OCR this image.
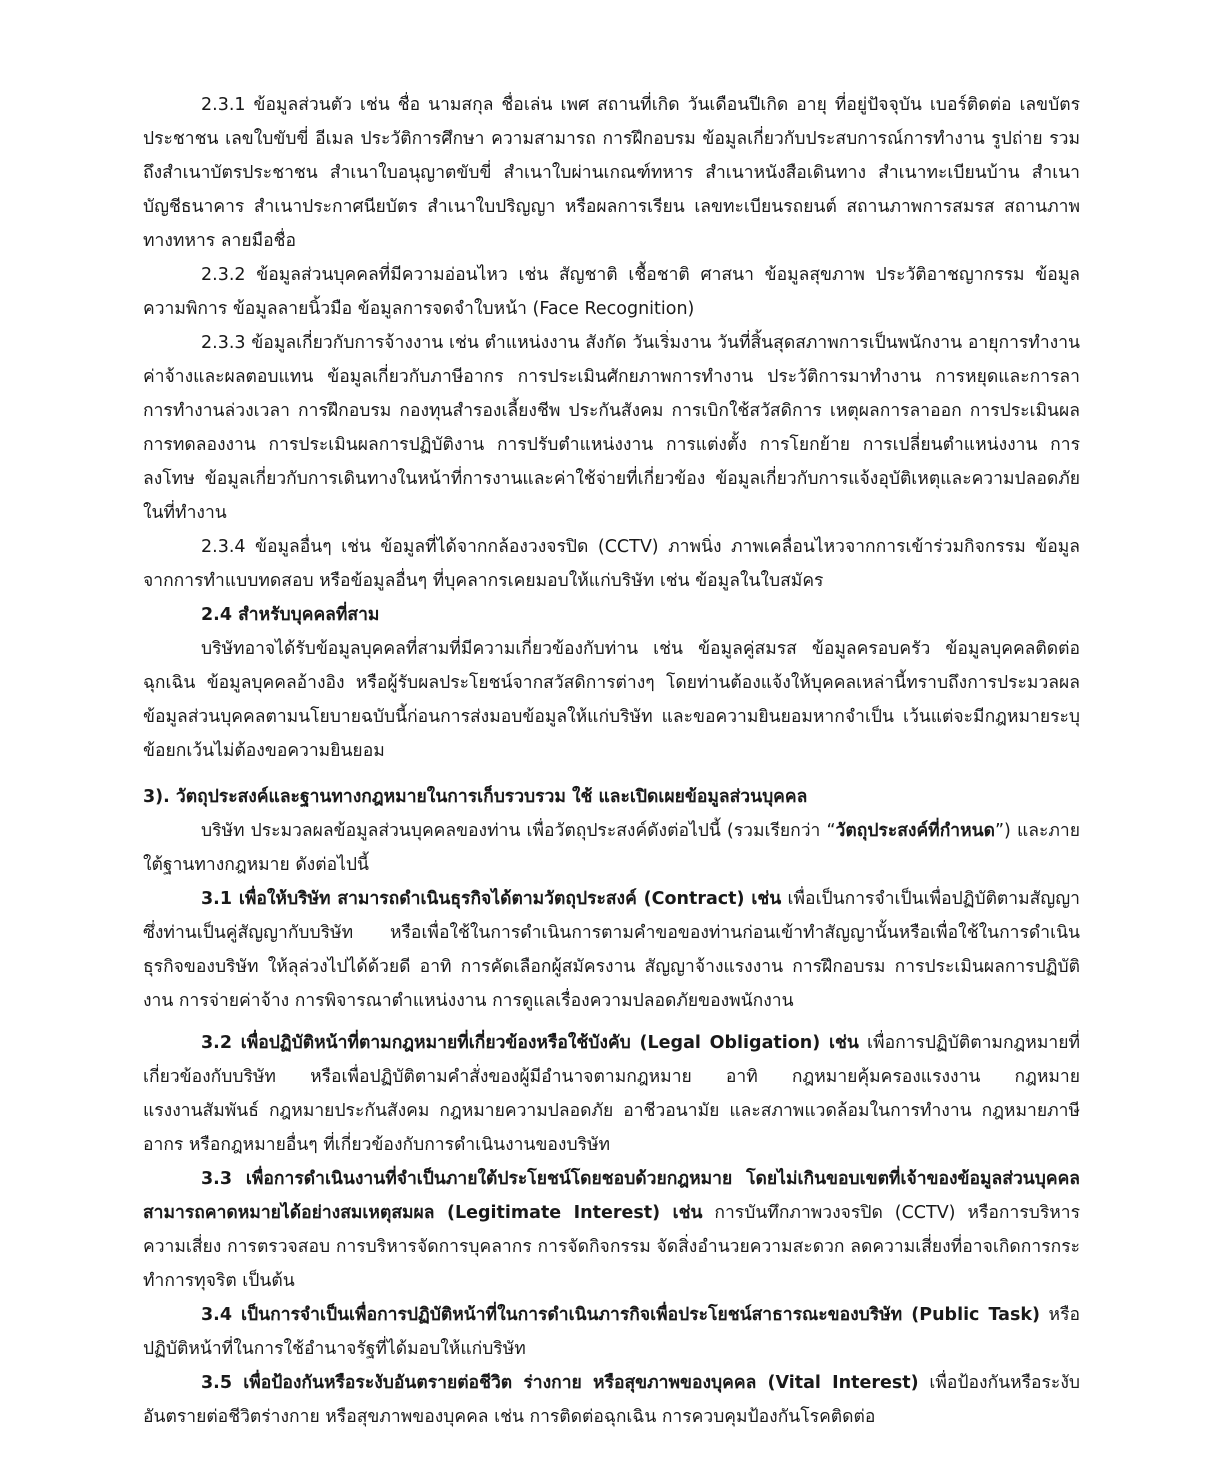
2.3.1 ข้อมูลส่วนตัว เช่น ชื่อ นามสกุล ชื่อเล่น เพศ สถานที่เกิด วันเดือนปีเกิด อายุ ที่อยู่ปัจจุบัน เบอร์ติดต่อ เลขบัตรประชาชน เลขใบขับขี่ อีเมล ประวัติการศึกษา ความสามารถ การฝึกอบรม ข้อมูลเกี่ยวกับประสบการณ์การทำงาน รูปถ่าย รวมถึงสำเนาบัตรประชาชน สำเนาใบอนุญาตขับขี่ สำเนาใบผ่านเกณฑ์ทหาร สำเนาหนังสือเดินทาง สำเนาทะเบียนบ้าน สำเนาบัญชีธนาคาร สำเนาประกาศนียบัตร สำเนาใบปริญญา หรือผลการเรียน เลขทะเบียนรถยนต์ สถานภาพการสมรส สถานภาพทางทหาร ลายมือชื่อ

2.3.2 ข้อมูลส่วนบุคคลที่มีความอ่อนไหว เช่น สัญชาติ เชื้อชาติ ศาสนา ข้อมูลสุขภาพ ประวัติอาชญากรรม ข้อมูลความพิการ ข้อมูลลายนิ้วมือ ข้อมูลการจดจำใบหน้า (Face Recognition)

2.3.3 ข้อมูลเกี่ยวกับการจ้างงาน เช่น ตำแหน่งงาน สังกัด วันเริ่มงาน วันที่สิ้นสุดสภาพการเป็นพนักงาน อายุการทำงาน ค่าจ้างและผลตอบแทน ข้อมูลเกี่ยวกับภาษีอากร การประเมินศักยภาพการทำงาน ประวัติการมาทำงาน การหยุดและการลา การทำงานล่วงเวลา การฝึกอบรม กองทุนสำรองเลี้ยงชีพ ประกันสังคม การเบิกใช้สวัสดิการ เหตุผลการลาออก การประเมินผลการทดลองงาน การประเมินผลการปฏิบัติงาน การปรับตำแหน่งงาน การแต่งตั้ง การโยกย้าย การเปลี่ยนตำแหน่งงาน การลงโทษ ข้อมูลเกี่ยวกับการเดินทางในหน้าที่การงานและค่าใช้จ่ายที่เกี่ยวข้อง ข้อมูลเกี่ยวกับการแจ้งอุบัติเหตุและความปลอดภัยในที่ทำงาน

2.3.4 ข้อมูลอื่นๆ เช่น ข้อมูลที่ได้จากกล้องวงจรปิด (CCTV) ภาพนิ่ง ภาพเคลื่อนไหวจากการเข้าร่วมกิจกรรม ข้อมูลจากการทำแบบทดสอบ หรือข้อมูลอื่นๆ ที่บุคลากรเคยมอบให้แก่บริษัท เช่น ข้อมูลในใบสมัคร

2.4 สำหรับบุคคลที่สาม

บริษัทอาจได้รับข้อมูลบุคคลที่สามที่มีความเกี่ยวข้องกับท่าน เช่น ข้อมูลคู่สมรส ข้อมูลครอบครัว ข้อมูลบุคคลติดต่อฉุกเฉิน ข้อมูลบุคคลอ้างอิง หรือผู้รับผลประโยชน์จากสวัสดิการต่างๆ โดยท่านต้องแจ้งให้บุคคลเหล่านี้ทราบถึงการประมวลผลข้อมูลส่วนบุคคลตามนโยบายฉบับนี้ก่อนการส่งมอบข้อมูลให้แก่บริษัท และขอความยินยอมหากจำเป็น เว้นแต่จะมีกฎหมายระบุข้อยกเว้นไม่ต้องขอความยินยอม

3). วัตถุประสงค์และฐานทางกฎหมายในการเก็บรวบรวม ใช้ และเปิดเผยข้อมูลส่วนบุคคล

บริษัท ประมวลผลข้อมูลส่วนบุคคลของท่าน เพื่อวัตถุประสงค์ดังต่อไปนี้ (รวมเรียกว่า “วัตถุประสงค์ที่กำหนด”) และภายใต้ฐานทางกฎหมาย ดังต่อไปนี้

3.1 เพื่อให้บริษัท สามารถดำเนินธุรกิจได้ตามวัตถุประสงค์ (Contract) เช่น เพื่อเป็นการจำเป็นเพื่อปฏิบัติตามสัญญาซึ่งท่านเป็นคู่สัญญากับบริษัท หรือเพื่อใช้ในการดำเนินการตามคำขอของท่านก่อนเข้าทำสัญญานั้นหรือเพื่อใช้ในการดำเนินธุรกิจของบริษัท ให้ลุล่วงไปได้ด้วยดี อาทิ การคัดเลือกผู้สมัครงาน สัญญาจ้างแรงงาน การฝึกอบรม การประเมินผลการปฏิบัติงาน การจ่ายค่าจ้าง การพิจารณาตำแหน่งงาน การดูแลเรื่องความปลอดภัยของพนักงาน

3.2 เพื่อปฏิบัติหน้าที่ตามกฎหมายที่เกี่ยวข้องหรือใช้บังคับ (Legal Obligation) เช่น เพื่อการปฏิบัติตามกฎหมายที่เกี่ยวข้องกับบริษัท หรือเพื่อปฏิบัติตามคำสั่งของผู้มีอำนาจตามกฎหมาย อาทิ กฎหมายคุ้มครองแรงงาน กฎหมายแรงงานสัมพันธ์ กฎหมายประกันสังคม กฎหมายความปลอดภัย อาชีวอนามัย และสภาพแวดล้อมในการทำงาน กฎหมายภาษีอากร หรือกฎหมายอื่นๆ ที่เกี่ยวข้องกับการดำเนินงานของบริษัท

3.3 เพื่อการดำเนินงานที่จำเป็นภายใต้ประโยชน์โดยชอบด้วยกฎหมาย โดยไม่เกินขอบเขตที่เจ้าของข้อมูลส่วนบุคคล สามารถคาดหมายได้อย่างสมเหตุสมผล (Legitimate Interest) เช่น การบันทึกภาพวงจรปิด (CCTV) หรือการบริหารความเสี่ยง การตรวจสอบ การบริหารจัดการบุคลากร การจัดกิจกรรม จัดสิ่งอำนวยความสะดวก ลดความเสี่ยงที่อาจเกิดการกระทำการทุจริต เป็นต้น

3.4 เป็นการจำเป็นเพื่อการปฏิบัติหน้าที่ในการดำเนินภารกิจเพื่อประโยชน์สาธารณะของบริษัท (Public Task) หรือปฏิบัติหน้าที่ในการใช้อำนาจรัฐที่ได้มอบให้แก่บริษัท

3.5 เพื่อป้องกันหรือระงับอันตรายต่อชีวิต ร่างกาย หรือสุขภาพของบุคคล (Vital Interest) เพื่อป้องกันหรือระงับอันตรายต่อชีวิตร่างกาย หรือสุขภาพของบุคคล เช่น การติดต่อฉุกเฉิน การควบคุมป้องกันโรคติดต่อ
